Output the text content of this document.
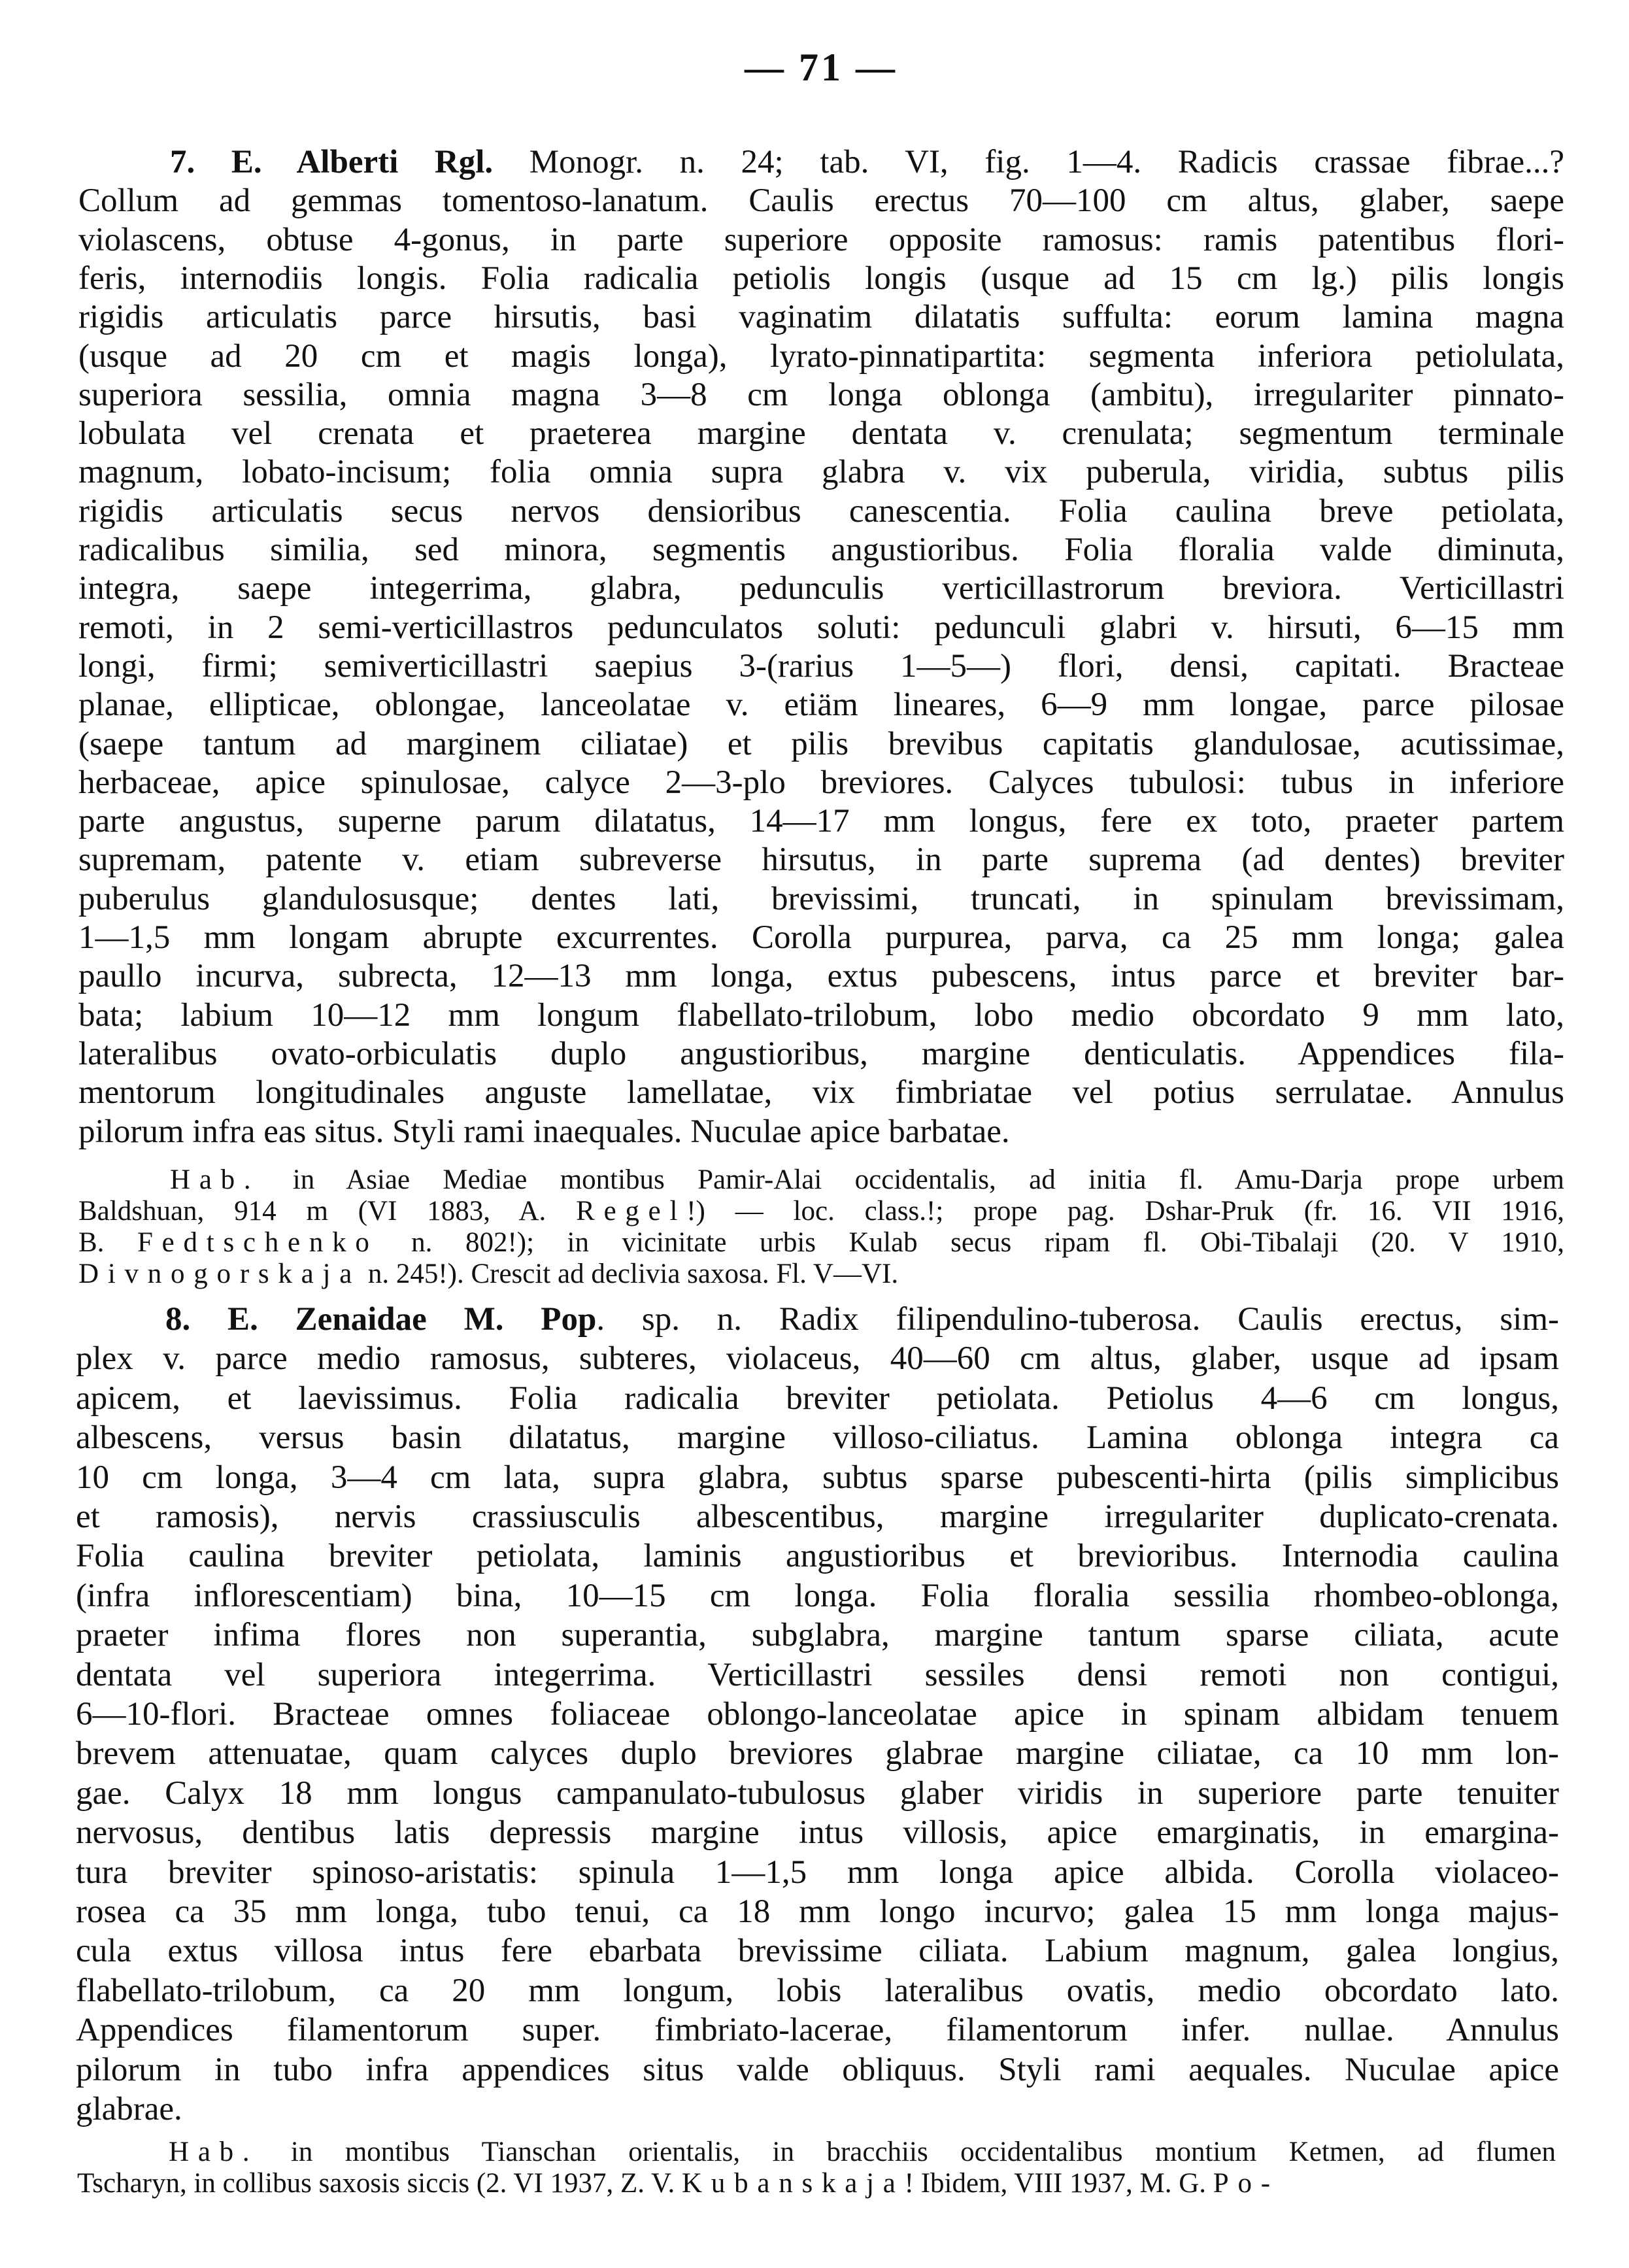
— 71 —
7. E. Alberti Rgl. Monogr. n. 24; tab. VI, fig. 1—4. Radicis crassae fibrae...?
Collum ad gemmas tomentoso-lanatum. Caulis erectus 70—100 cm altus, glaber, saepe
violascens, obtuse 4-gonus, in parte superiore opposite ramosus: ramis patentibus flori-
feris, internodiis longis. Folia radicalia petiolis longis (usque ad 15 cm lg.) pilis longis
rigidis articulatis parce hirsutis, basi vaginatim dilatatis suffulta: eorum lamina magna
(usque ad 20 cm et magis longa), lyrato-pinnatipartita: segmenta inferiora petiolulata,
superiora sessilia, omnia magna 3—8 cm longa oblonga (ambitu), irregulariter pinnato-
lobulata vel crenata et praeterea margine dentata v. crenulata; segmentum terminale
magnum, lobato-incisum; folia omnia supra glabra v. vix puberula, viridia, subtus pilis
rigidis articulatis secus nervos densioribus canescentia. Folia caulina breve petiolata,
radicalibus similia, sed minora, segmentis angustioribus. Folia floralia valde diminuta,
integra, saepe integerrima, glabra, pedunculis verticillastrorum breviora. Verticillastri
remoti, in 2 semi-verticillastros pedunculatos soluti: pedunculi glabri v. hirsuti, 6—15 mm
longi, firmi; semiverticillastri saepius 3-(rarius 1—5—) flori, densi, capitati. Bracteae
planae, ellipticae, oblongae, lanceolatae v. etiäm lineares, 6—9 mm longae, parce pilosae
(saepe tantum ad marginem ciliatae) et pilis brevibus capitatis glandulosae, acutissimae,
herbaceae, apice spinulosae, calyce 2—3-plo breviores. Calyces tubulosi: tubus in inferiore
parte angustus, superne parum dilatatus, 14—17 mm longus, fere ex toto, praeter partem
supremam, patente v. etiam subreverse hirsutus, in parte suprema (ad dentes) breviter
puberulus glandulosusque; dentes lati, brevissimi, truncati, in spinulam brevissimam,
1—1,5 mm longam abrupte excurrentes. Corolla purpurea, parva, ca 25 mm longa; galea
paullo incurva, subrecta, 12—13 mm longa, extus pubescens, intus parce et breviter bar-
bata; labium 10—12 mm longum flabellato-trilobum, lobo medio obcordato 9 mm lato,
lateralibus ovato-orbiculatis duplo angustioribus, margine denticulatis. Appendices fila-
mentorum longitudinales anguste lamellatae, vix fimbriatae vel potius serrulatae. Annulus
pilorum infra eas situs. Styli rami inaequales. Nuculae apice barbatae.
Hab. in Asiae Mediae montibus Pamir-Alai occidentalis, ad initia fl. Amu-Darja prope urbem
Baldshuan, 914 m (VI 1883, A. Regel!) — loc. class.!; prope pag. Dshar-Pruk (fr. 16. VII 1916,
B. Fedtschenko n. 802!); in vicinitate urbis Kulab secus ripam fl. Obi-Tibalaji (20. V 1910,
Divnogorskaja n. 245!). Crescit ad declivia saxosa. Fl. V—VI.
8. E. Zenaidae M. Pop. sp. n. Radix filipendulino-tuberosa. Caulis erectus, sim-
plex v. parce medio ramosus, subteres, violaceus, 40—60 cm altus, glaber, usque ad ipsam
apicem, et laevissimus. Folia radicalia breviter petiolata. Petiolus 4—6 cm longus,
albescens, versus basin dilatatus, margine villoso-ciliatus. Lamina oblonga integra ca
10 cm longa, 3—4 cm lata, supra glabra, subtus sparse pubescenti-hirta (pilis simplicibus
et ramosis), nervis crassiusculis albescentibus, margine irregulariter duplicato-crenata.
Folia caulina breviter petiolata, laminis angustioribus et brevioribus. Internodia caulina
(infra inflorescentiam) bina, 10—15 cm longa. Folia floralia sessilia rhombeo-oblonga,
praeter infima flores non superantia, subglabra, margine tantum sparse ciliata, acute
dentata vel superiora integerrima. Verticillastri sessiles densi remoti non contigui,
6—10-flori. Bracteae omnes foliaceae oblongo-lanceolatae apice in spinam albidam tenuem
brevem attenuatae, quam calyces duplo breviores glabrae margine ciliatae, ca 10 mm lon-
gae. Calyx 18 mm longus campanulato-tubulosus glaber viridis in superiore parte tenuiter
nervosus, dentibus latis depressis margine intus villosis, apice emarginatis, in emargina-
tura breviter spinoso-aristatis: spinula 1—1,5 mm longa apice albida. Corolla violaceo-
rosea ca 35 mm longa, tubo tenui, ca 18 mm longo incurvo; galea 15 mm longa majus-
cula extus villosa intus fere ebarbata brevissime ciliata. Labium magnum, galea longius,
flabellato-trilobum, ca 20 mm longum, lobis lateralibus ovatis, medio obcordato lato.
Appendices filamentorum super. fimbriato-lacerae, filamentorum infer. nullae. Annulus
pilorum in tubo infra appendices situs valde obliquus. Styli rami aequales. Nuculae apice
glabrae.
Hab. in montibus Tianschan orientalis, in bracchiis occidentalibus montium Ketmen, ad flumen
Tscharyn, in collibus saxosis siccis (2. VI 1937, Z. V. Kubanskaja! Ibidem, VIII 1937, M. G. Po-
